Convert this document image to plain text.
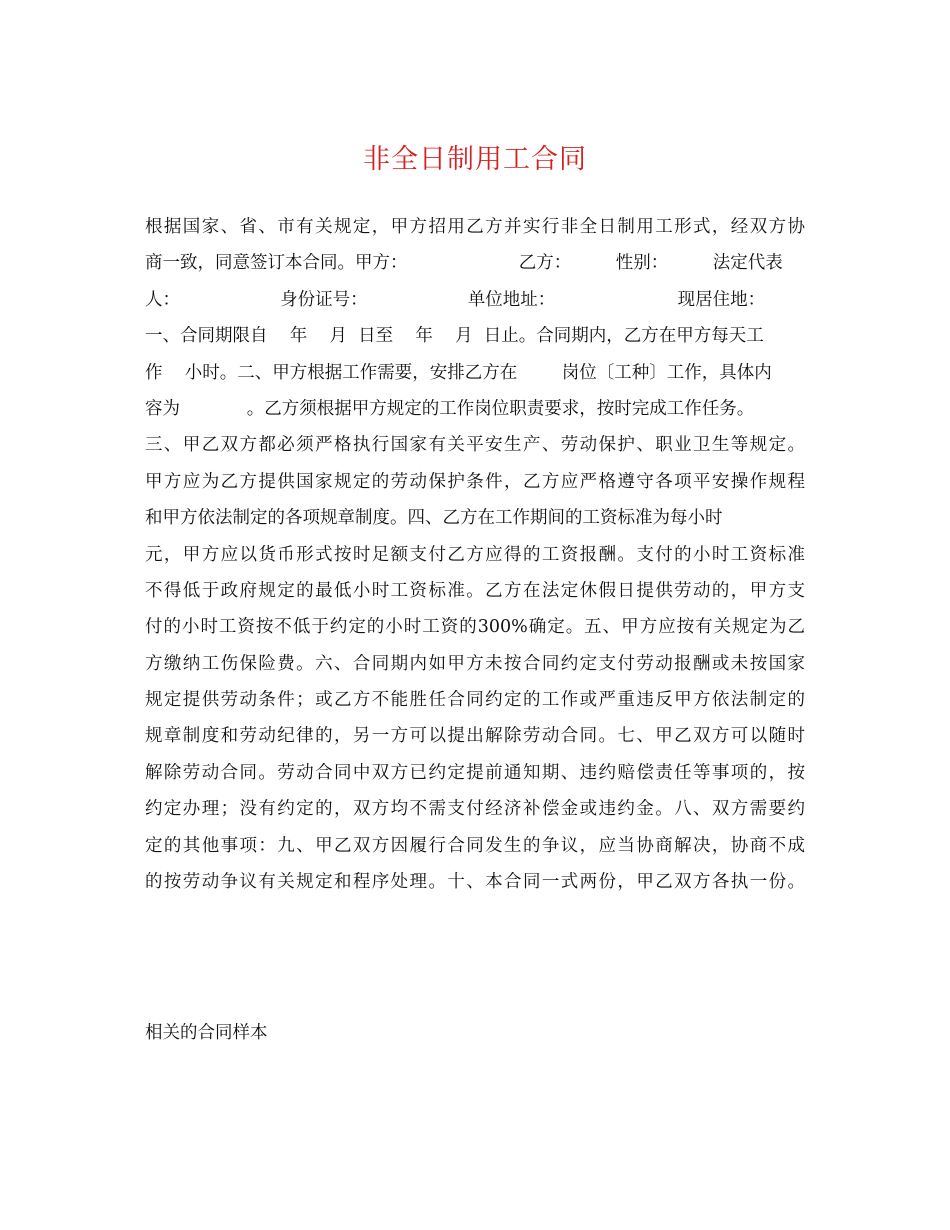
非全日制用工合同
根据国家、省、市有关规定，甲方招用乙方并实行非全日制用工形式，经双方协
商一致，同意签订本合同。甲方：                    乙方：        性别：        法定代表
人：                  身份证号：                  单位地址：                      现居住地：
一、合同期限自    年    月  日至    年    月  日止。合同期内，乙方在甲方每天工
作    小时。二、甲方根据工作需要，安排乙方在        岗位〔工种〕工作，具体内
容为            。乙方须根据甲方规定的工作岗位职责要求，按时完成工作任务。
三、甲乙双方都必须严格执行国家有关平安生产、劳动保护、职业卫生等规定。
甲方应为乙方提供国家规定的劳动保护条件，乙方应严格遵守各项平安操作规程
和甲方依法制定的各项规章制度。四、乙方在工作期间的工资标准为每小时
元，甲方应以货币形式按时足额支付乙方应得的工资报酬。支付的小时工资标准
不得低于政府规定的最低小时工资标准。乙方在法定休假日提供劳动的，甲方支
付的小时工资按不低于约定的小时工资的300%确定。五、甲方应按有关规定为乙
方缴纳工伤保险费。六、合同期内如甲方未按合同约定支付劳动报酬或未按国家
规定提供劳动条件；或乙方不能胜任合同约定的工作或严重违反甲方依法制定的
规章制度和劳动纪律的，另一方可以提出解除劳动合同。七、甲乙双方可以随时
解除劳动合同。劳动合同中双方已约定提前通知期、违约赔偿责任等事项的，按
约定办理；没有约定的，双方均不需支付经济补偿金或违约金。八、双方需要约
定的其他事项：九、甲乙双方因履行合同发生的争议，应当协商解决，协商不成
的按劳动争议有关规定和程序处理。十、本合同一式两份，甲乙双方各执一份。
相关的合同样本
